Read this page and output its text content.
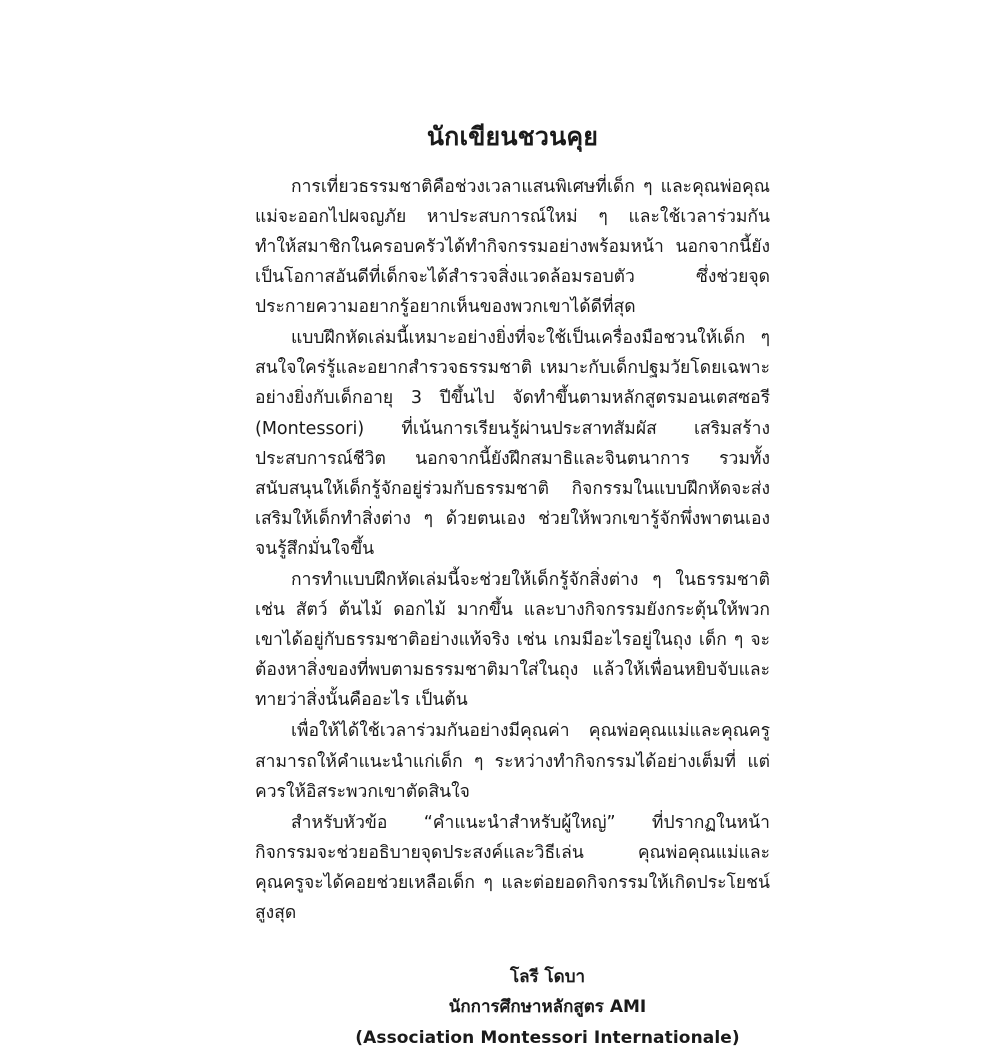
นักเขียนชวนคุย

การเที่ยวธรรมชาติคือช่วงเวลาแสนพิเศษที่เด็ก ๆ และคุณพ่อคุณแม่จะออกไปผจญภัย หาประสบการณ์ใหม่ ๆ และใช้เวลาร่วมกัน ทำให้สมาชิกในครอบครัวได้ทำกิจกรรมอย่างพร้อมหน้า นอกจากนี้ยังเป็นโอกาสอันดีที่เด็กจะได้สำรวจสิ่งแวดล้อมรอบตัว ซึ่งช่วยจุดประกายความอยากรู้อยากเห็นของพวกเขาได้ดีที่สุด

แบบฝึกหัดเล่มนี้เหมาะอย่างยิ่งที่จะใช้เป็นเครื่องมือชวนให้เด็ก ๆ สนใจใคร่รู้และอยากสำรวจธรรมชาติ เหมาะกับเด็กปฐมวัยโดยเฉพาะอย่างยิ่งกับเด็กอายุ 3 ปีขึ้นไป จัดทำขึ้นตามหลักสูตรมอนเตสซอรี (Montessori) ที่เน้นการเรียนรู้ผ่านประสาทสัมผัส เสริมสร้างประสบการณ์ชีวิต นอกจากนี้ยังฝึกสมาธิและจินตนาการ รวมทั้งสนับสนุนให้เด็กรู้จักอยู่ร่วมกับธรรมชาติ กิจกรรมในแบบฝึกหัดจะส่งเสริมให้เด็กทำสิ่งต่าง ๆ ด้วยตนเอง ช่วยให้พวกเขารู้จักพึ่งพาตนเองจนรู้สึกมั่นใจขึ้น

การทำแบบฝึกหัดเล่มนี้จะช่วยให้เด็กรู้จักสิ่งต่าง ๆ ในธรรมชาติ เช่น สัตว์ ต้นไม้ ดอกไม้ มากขึ้น และบางกิจกรรมยังกระตุ้นให้พวกเขาได้อยู่กับธรรมชาติอย่างแท้จริง เช่น เกมมีอะไรอยู่ในถุง เด็ก ๆ จะต้องหาสิ่งของที่พบตามธรรมชาติมาใส่ในถุง แล้วให้เพื่อนหยิบจับและทายว่าสิ่งนั้นคืออะไร เป็นต้น

เพื่อให้ได้ใช้เวลาร่วมกันอย่างมีคุณค่า คุณพ่อคุณแม่และคุณครูสามารถให้คำแนะนำแก่เด็ก ๆ ระหว่างทำกิจกรรมได้อย่างเต็มที่ แต่ควรให้อิสระพวกเขาตัดสินใจ

สำหรับหัวข้อ “คำแนะนำสำหรับผู้ใหญ่” ที่ปรากฏในหน้ากิจกรรมจะช่วยอธิบายจุดประสงค์และวิธีเล่น คุณพ่อคุณแม่และคุณครูจะได้คอยช่วยเหลือเด็ก ๆ และต่อยอดกิจกรรมให้เกิดประโยชน์สูงสุด

โลรี โดบา
นักการศึกษาหลักสูตร AMI
(Association Montessori Internationale)
